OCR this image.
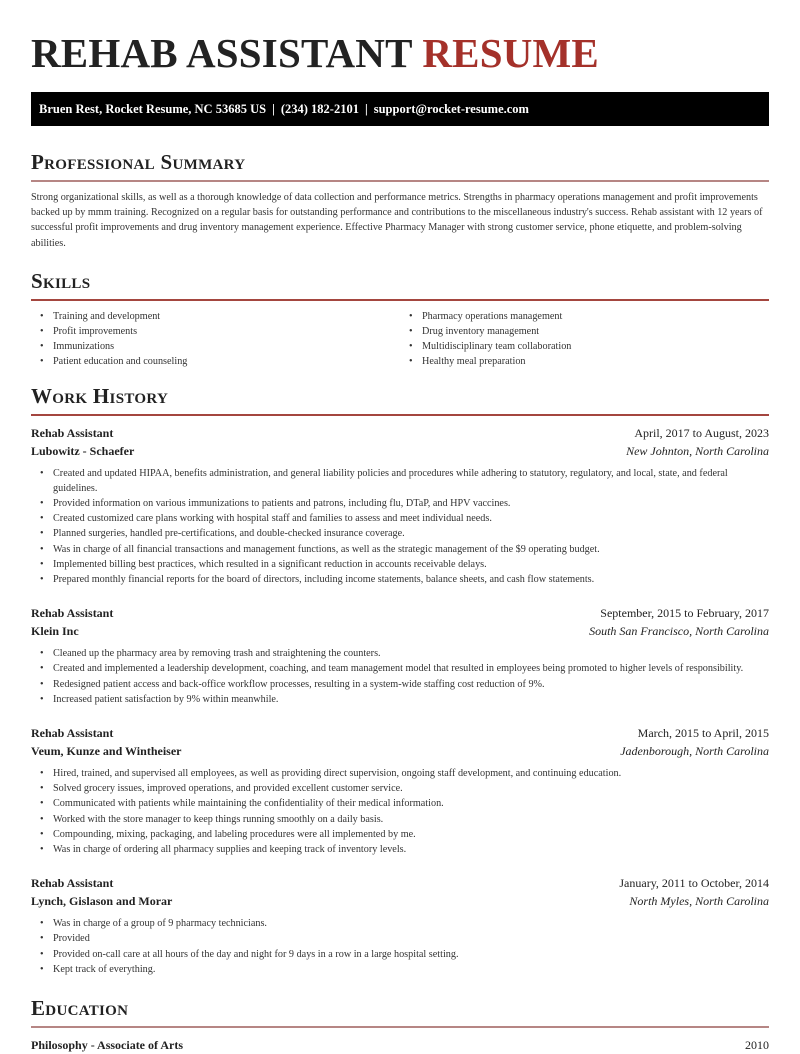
REHAB ASSISTANT RESUME
Bruen Rest, Rocket Resume, NC 53685 US | (234) 182-2101 | support@rocket-resume.com
Professional Summary

Strong organizational skills, as well as a thorough knowledge of data collection and performance metrics. Strengths in pharmacy operations management and profit improvements backed up by mmm training. Recognized on a regular basis for outstanding performance and contributions to the miscellaneous industry's success. Rehab assistant with 12 years of successful profit improvements and drug inventory management experience. Effective Pharmacy Manager with strong customer service, phone etiquette, and problem-solving abilities.

Skills
• Training and development
• Profit improvements
• Immunizations
• Patient education and counseling
• Pharmacy operations management
• Drug inventory management
• Multidisciplinary team collaboration
• Healthy meal preparation
Work History
Rehab Assistant	April, 2017 to August, 2023
Lubowitz - Schaefer	New Johnton, North Carolina
• Created and updated HIPAA, benefits administration, and general liability policies and procedures while adhering to statutory, regulatory, and local, state, and federal guidelines.
• Provided information on various immunizations to patients and patrons, including flu, DTaP, and HPV vaccines.
• Created customized care plans working with hospital staff and families to assess and meet individual needs.
• Planned surgeries, handled pre-certifications, and double-checked insurance coverage.
• Was in charge of all financial transactions and management functions, as well as the strategic management of the $9 operating budget.
• Implemented billing best practices, which resulted in a significant reduction in accounts receivable delays.
• Prepared monthly financial reports for the board of directors, including income statements, balance sheets, and cash flow statements.
Rehab Assistant	September, 2015 to February, 2017
Klein Inc	South San Francisco, North Carolina
• Cleaned up the pharmacy area by removing trash and straightening the counters.
• Created and implemented a leadership development, coaching, and team management model that resulted in employees being promoted to higher levels of responsibility.
• Redesigned patient access and back-office workflow processes, resulting in a system-wide staffing cost reduction of 9%.
• Increased patient satisfaction by 9% within meanwhile.
Rehab Assistant	March, 2015 to April, 2015
Veum, Kunze and Wintheiser	Jadenborough, North Carolina
• Hired, trained, and supervised all employees, as well as providing direct supervision, ongoing staff development, and continuing education.
• Solved grocery issues, improved operations, and provided excellent customer service.
• Communicated with patients while maintaining the confidentiality of their medical information.
• Worked with the store manager to keep things running smoothly on a daily basis.
• Compounding, mixing, packaging, and labeling procedures were all implemented by me.
• Was in charge of ordering all pharmacy supplies and keeping track of inventory levels.
Rehab Assistant	January, 2011 to October, 2014
Lynch, Gislason and Morar	North Myles, North Carolina
• Was in charge of a group of 9 pharmacy technicians.
• Provided
• Provided on-call care at all hours of the day and night for 9 days in a row in a large hospital setting.
• Kept track of everything.
Education
Philosophy - Associate of Arts	2010
